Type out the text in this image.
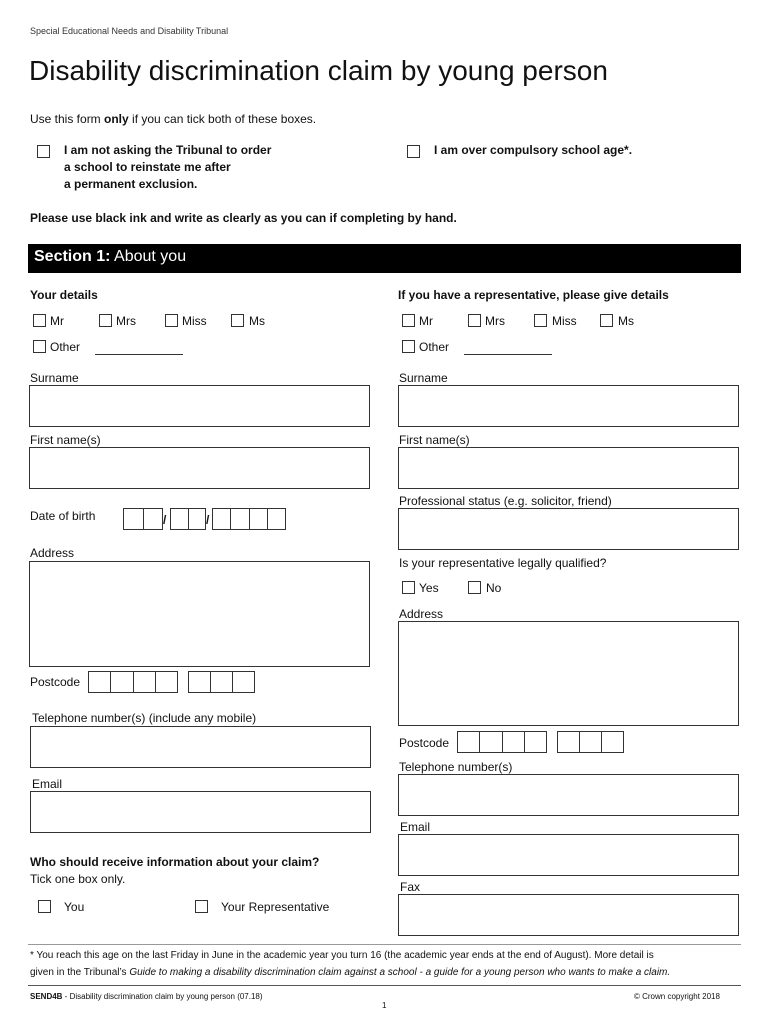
Special Educational Needs and Disability Tribunal
Disability discrimination claim by young person
Use this form only if you can tick both of these boxes.
I am not asking the Tribunal to order
a school to reinstate me after
a permanent exclusion.
I am over compulsory school age*.
Please use black ink and write as clearly as you can if completing by hand.
Section 1: About you
Your details
Mr	Mrs	Miss	Ms
Other
Surname
First name(s)
Date of birth	/	/
Address
Postcode
Telephone number(s) (include any mobile)
Email
Who should receive information about your claim?
Tick one box only.
You	Your Representative
If you have a representative, please give details
Mr	Mrs	Miss	Ms
Other
Surname
First name(s)
Professional status (e.g. solicitor, friend)
Is your representative legally qualified?
Yes	No
Address
Postcode
Telephone number(s)
Email
Fax
* You reach this age on the last Friday in June in the academic year you turn 16 (the academic year ends at the end of August). More detail is
given in the Tribunal’s Guide to making a disability discrimination claim against a school - a guide for a young person who wants to make a claim.
SEND4B - Disability discrimination claim by young person (07.18)	© Crown copyright 2018
1
